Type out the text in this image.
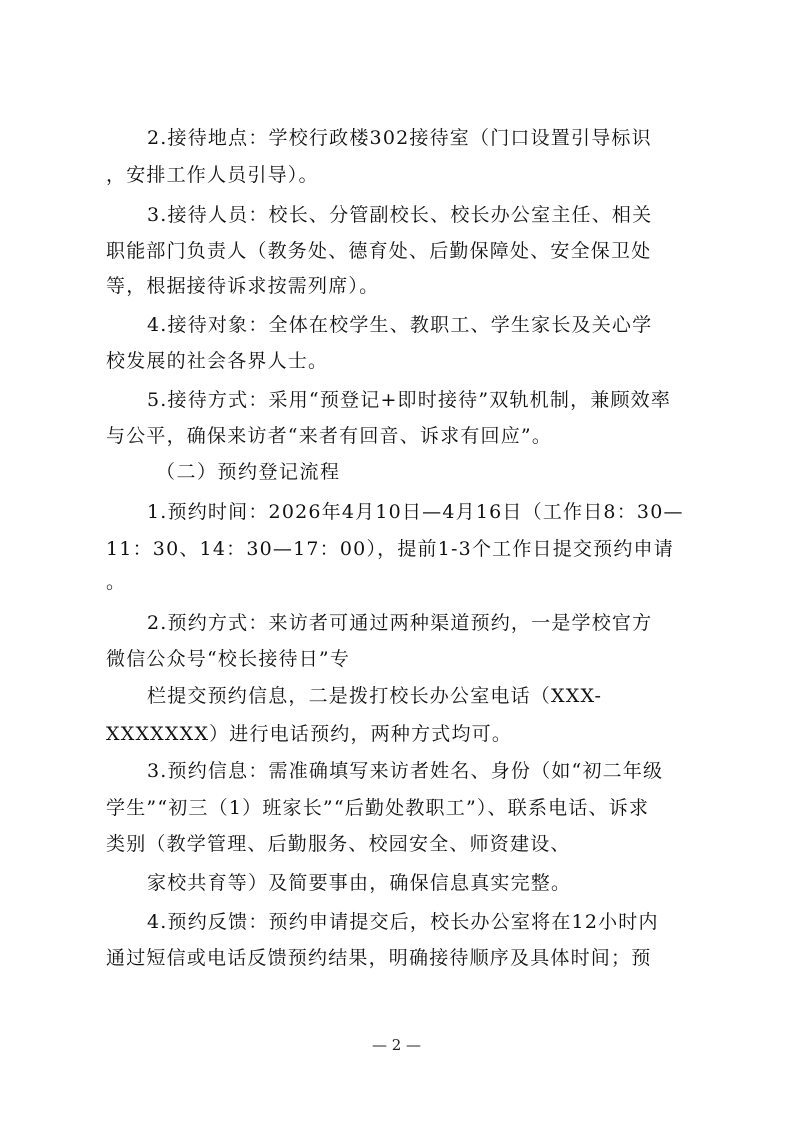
2.接待地点：学校行政楼302接待室（门口设置引导标识
，安排工作人员引导）。
3.接待人员：校长、分管副校长、校长办公室主任、相关
职能部门负责人（教务处、德育处、后勤保障处、安全保卫处
等，根据接待诉求按需列席）。
4.接待对象：全体在校学生、教职工、学生家长及关心学
校发展的社会各界人士。
5.接待方式：采用“预登记+即时接待”双轨机制，兼顾效率
与公平，确保来访者“来者有回音、诉求有回应”。
（二）预约登记流程
1.预约时间：2026年4月10日—4月16日（工作日8：30—
11：30、14：30—17：00），提前1-3个工作日提交预约申请
。
2.预约方式：来访者可通过两种渠道预约，一是学校官方
微信公众号“校长接待日”专
栏提交预约信息，二是拨打校长办公室电话（XXX-
XXXXXXX）进行电话预约，两种方式均可。
3.预约信息：需准确填写来访者姓名、身份（如“初二年级
学生”“初三（1）班家长”“后勤处教职工”）、联系电话、诉求
类别（教学管理、后勤服务、校园安全、师资建设、
家校共育等）及简要事由，确保信息真实完整。
4.预约反馈：预约申请提交后，校长办公室将在12小时内
通过短信或电话反馈预约结果，明确接待顺序及具体时间；预
— 2 —
